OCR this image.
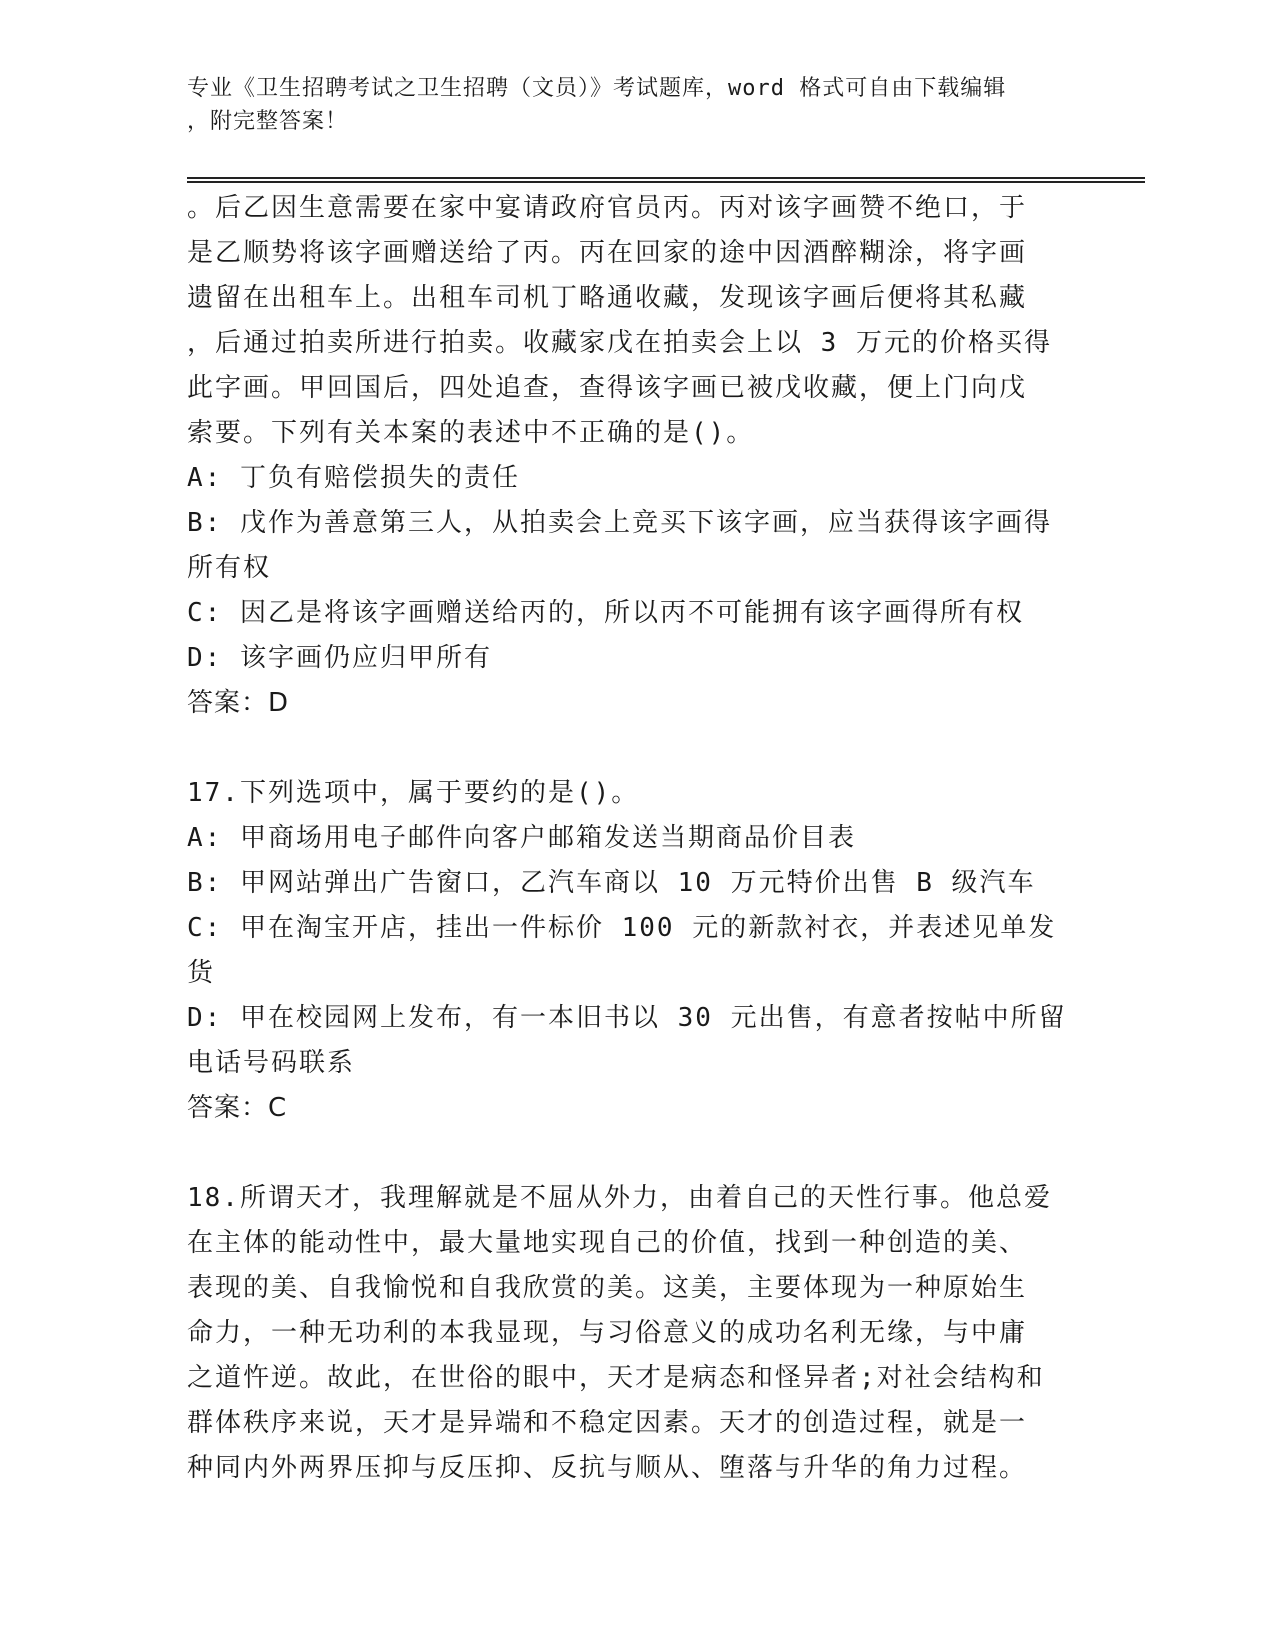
专业《卫生招聘考试之卫生招聘（文员）》考试题库，word 格式可自由下载编辑
，附完整答案！

。后乙因生意需要在家中宴请政府官员丙。丙对该字画赞不绝口，于

是乙顺势将该字画赠送给了丙。丙在回家的途中因酒醉糊涂，将字画

遗留在出租车上。出租车司机丁略通收藏，发现该字画后便将其私藏

，后通过拍卖所进行拍卖。收藏家戊在拍卖会上以 3 万元的价格买得

此字画。甲回国后，四处追查，查得该字画已被戊收藏，便上门向戊

索要。下列有关本案的表述中不正确的是()。

A: 丁负有赔偿损失的责任

B: 戊作为善意第三人，从拍卖会上竞买下该字画，应当获得该字画得

所有权

C: 因乙是将该字画赠送给丙的，所以丙不可能拥有该字画得所有权

D: 该字画仍应归甲所有

答案：D

17.下列选项中，属于要约的是()。

A: 甲商场用电子邮件向客户邮箱发送当期商品价目表

B: 甲网站弹出广告窗口，乙汽车商以 10 万元特价出售 B 级汽车

C: 甲在淘宝开店，挂出一件标价 100 元的新款衬衣，并表述见单发货

D: 甲在校园网上发布，有一本旧书以 30 元出售，有意者按帖中所留

电话号码联系

答案：C

18.所谓天才，我理解就是不屈从外力，由着自己的天性行事。他总爱

在主体的能动性中，最大量地实现自己的价值，找到一种创造的美、

表现的美、自我愉悦和自我欣赏的美。这美，主要体现为一种原始生

命力，一种无功利的本我显现，与习俗意义的成功名利无缘，与中庸

之道忤逆。故此，在世俗的眼中，天才是病态和怪异者;对社会结构和

群体秩序来说，天才是异端和不稳定因素。天才的创造过程，就是一

种同内外两界压抑与反压抑、反抗与顺从、堕落与升华的角力过程。
